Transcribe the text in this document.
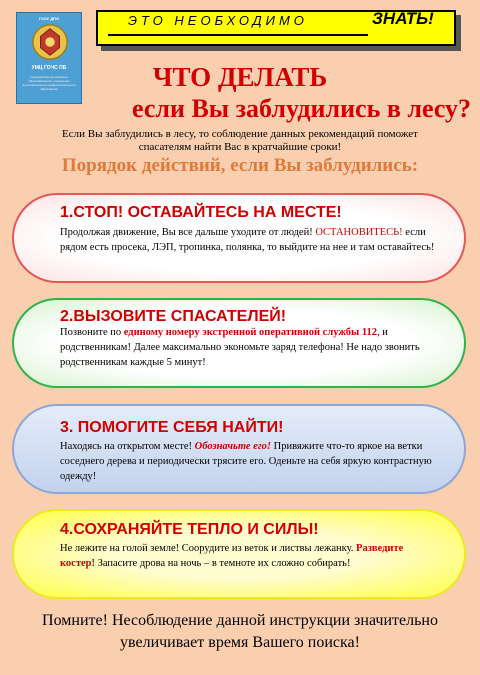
ГКОУ ДПО
УМЦ ГОЧС ПБ
Государственное казенное образовательное учреждение дополнительного профессионального образования
ЭТО НЕОБХОДИМО	ЗНАТЬ!
ЧТО ДЕЛАТЬ
если Вы заблудились в лесу?
Если Вы заблудились в лесу, то соблюдение данных рекомендаций поможет спасателям найти Вас в кратчайшие сроки!
Порядок действий, если Вы заблудились:
1.СТОП! ОСТАВАЙТЕСЬ НА МЕСТЕ!
Продолжая движение, Вы все дальше уходите от людей! ОСТАНОВИТЕСЬ! если рядом есть просека, ЛЭП, тропинка, полянка, то выйдите на нее и там оставайтесь!
2.ВЫЗОВИТЕ СПАСАТЕЛЕЙ!
Позвоните по единому номеру экстренной оперативной службы 112, и родственникам! Далее максимально экономьте заряд телефона! Не надо звонить родственникам каждые 5 минут!
3. ПОМОГИТЕ СЕБЯ НАЙТИ!
Находясь на открытом месте! Обозначьте его! Привяжите что-то яркое на ветки соседнего дерева и периодически трясите его. Оденьте на себя яркую контрастную одежду!
4.СОХРАНЯЙТЕ ТЕПЛО И СИЛЫ!
Не лежите на голой земле! Соорудите из веток и листвы лежанку. Разведите костер! Запасите дрова на ночь – в темноте их сложно собирать!
Помните! Несоблюдение данной инструкции значительно
увеличивает время Вашего поиска!
